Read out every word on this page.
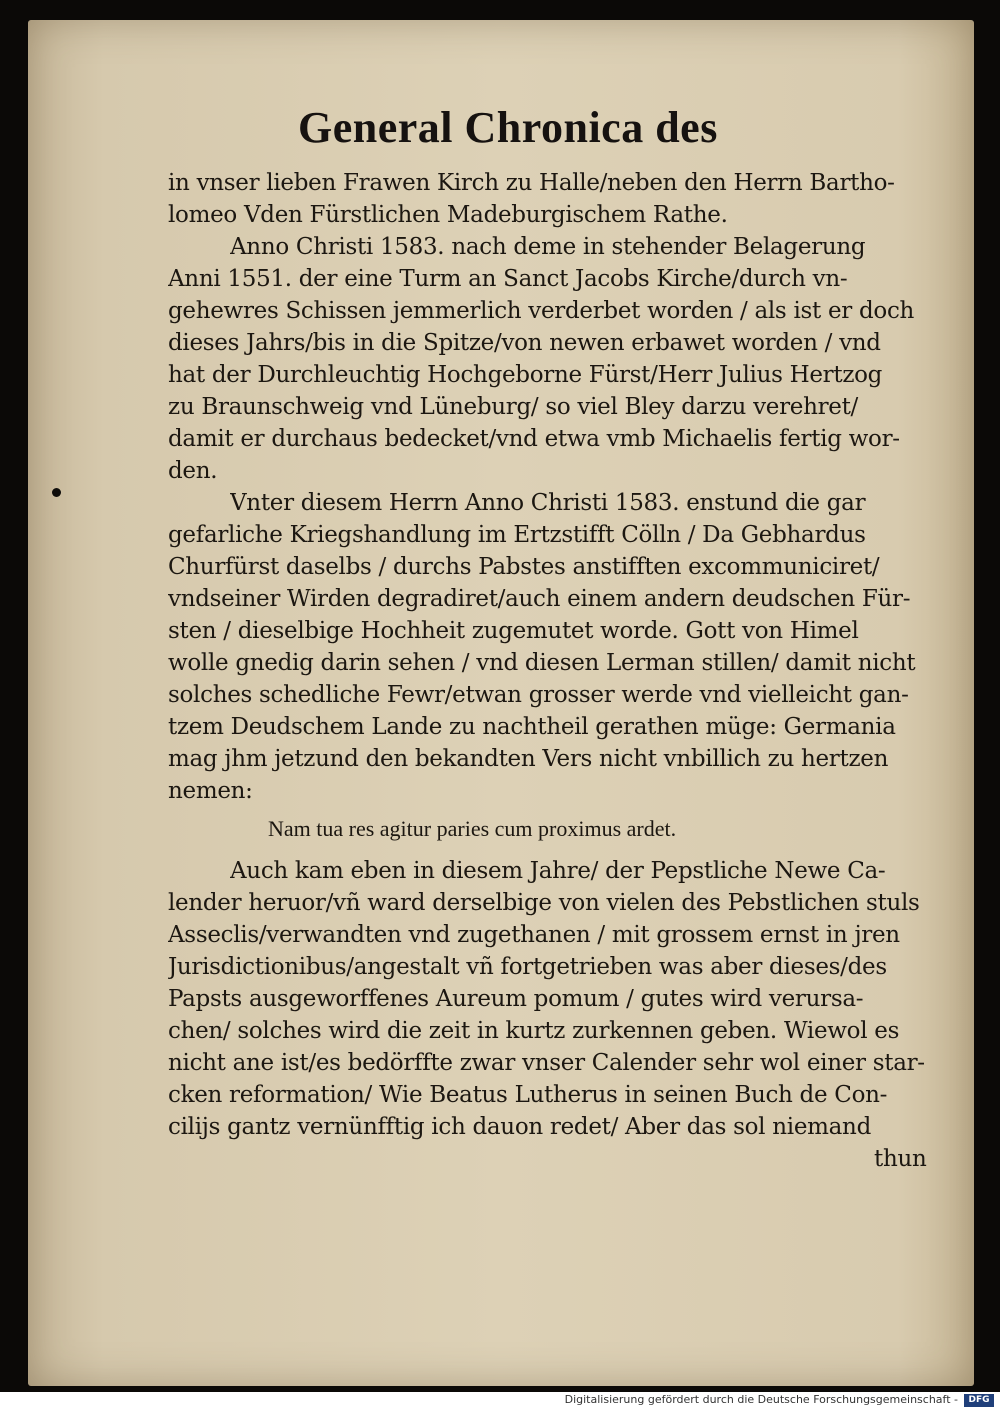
General Chronica des
in vnser lieben Frawen Kirch zu Halle/neben den Herrn Bartho-
lomeo Vden Fürstlichen Madeburgischem Rathe.
Anno Christi 1583. nach deme in stehender Belagerung
Anni 1551. der eine Turm an Sanct Jacobs Kirche/durch vn-
gehewres Schissen jemmerlich verderbet worden / als ist er doch
dieses Jahrs/bis in die Spitze/von newen erbawet worden / vnd
hat der Durchleuchtig Hochgeborne Fürst/Herr Julius Hertzog
zu Braunschweig vnd Lüneburg/ so viel Bley darzu verehret/
damit er durchaus bedecket/vnd etwa vmb Michaelis fertig wor-
den.
Vnter diesem Herrn Anno Christi 1583. enstund die gar
gefarliche Kriegshandlung im Ertzstifft Cölln / Da Gebhardus
Churfürst daselbs / durchs Pabstes anstifften excommuniciret/
vndseiner Wirden degradiret/auch einem andern deudschen Für-
sten / dieselbige Hochheit zugemutet worde. Gott von Himel
wolle gnedig darin sehen / vnd diesen Lerman stillen/ damit nicht
solches schedliche Fewr/etwan grosser werde vnd vielleicht gan-
tzem Deudschem Lande zu nachtheil gerathen müge: Germania
mag jhm jetzund den bekandten Vers nicht vnbillich zu hertzen
nemen:
Nam tua res agitur paries cum proximus ardet.
Auch kam eben in diesem Jahre/ der Pepstliche Newe Ca-
lender heruor/vñ ward derselbige von vielen des Pebstlichen stuls
Asseclis/verwandten vnd zugethanen / mit grossem ernst in jren
Jurisdictionibus/angestalt vñ fortgetrieben was aber dieses/des
Papsts ausgeworffenes Aureum pomum / gutes wird verursa-
chen/ solches wird die zeit in kurtz zurkennen geben. Wiewol es
nicht ane ist/es bedörffte zwar vnser Calender sehr wol einer star-
cken reformation/ Wie Beatus Lutherus in seinen Buch de Con-
cilijs gantz vernünfftig ich dauon redet/ Aber das sol niemand
thun
Digitalisierung gefördert durch die Deutsche Forschungsgemeinschaft -	DFG
